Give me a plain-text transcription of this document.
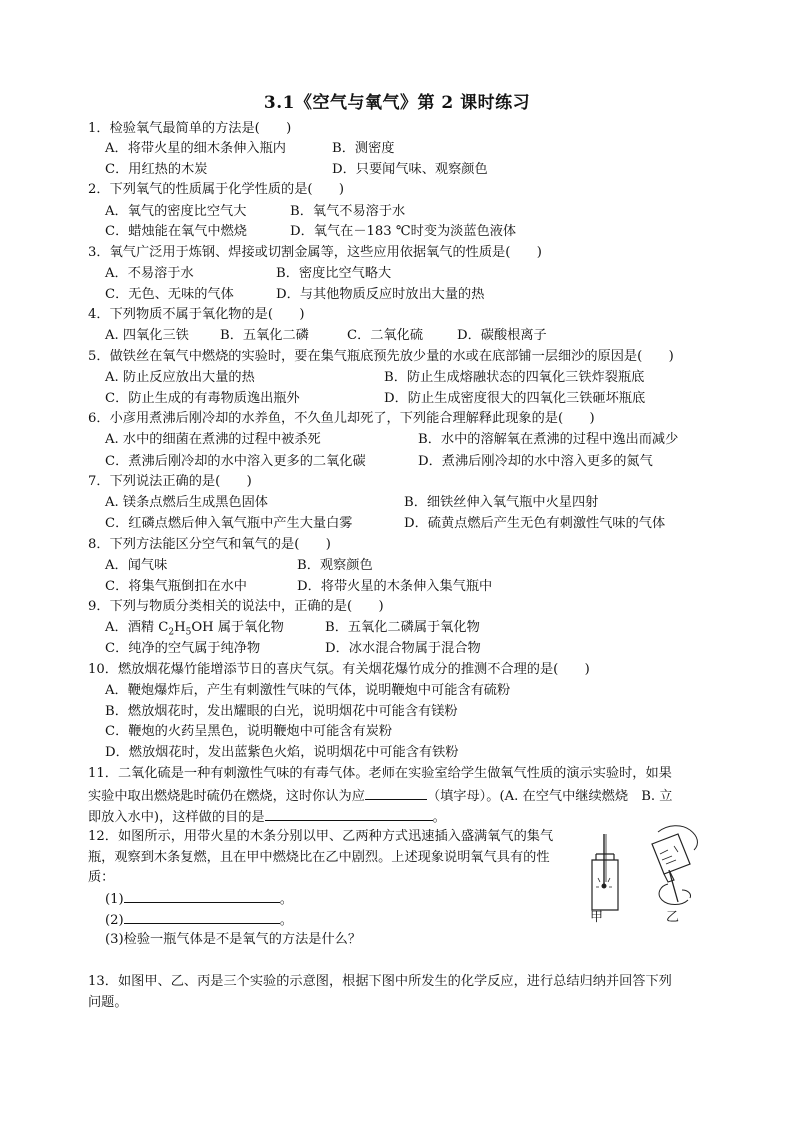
3.1《空气与氧气》第 2 课时练习
1．检验氧气最简单的方法是(　　)
A．将带火星的细木条伸入瓶内	B．测密度
C．用红热的木炭	D．只要闻气味、观察颜色
2．下列氧气的性质属于化学性质的是(　　)
A．氧气的密度比空气大	B．氧气不易溶于水
C．蜡烛能在氧气中燃烧	D．氧气在－183 ℃时变为淡蓝色液体
3．氧气广泛用于炼钢、焊接或切割金属等，这些应用依据氧气的性质是(　　)
A．不易溶于水	B．密度比空气略大
C．无色、无味的气体	D．与其他物质反应时放出大量的热
4．下列物质不属于氧化物的是(　　)
A. 四氧化三铁 B．五氧化二磷	C．二氧化硫	D．碳酸根离子
5．做铁丝在氧气中燃烧的实验时，要在集气瓶底预先放少量的水或在底部铺一层细沙的原因是(　　)
A. 防止反应放出大量的热	B．防止生成熔融状态的四氧化三铁炸裂瓶底
C．防止生成的有毒物质逸出瓶外	D．防止生成密度很大的四氧化三铁砸坏瓶底
6．小彦用煮沸后刚冷却的水养鱼，不久鱼儿却死了，下列能合理解释此现象的是(　　)
A. 水中的细菌在煮沸的过程中被杀死	B．水中的溶解氧在煮沸的过程中逸出而减少
C．煮沸后刚冷却的水中溶入更多的二氧化碳	D．煮沸后刚冷却的水中溶入更多的氮气
7．下列说法正确的是(　　)
A. 镁条点燃后生成黑色固体	B．细铁丝伸入氧气瓶中火星四射
C．红磷点燃后伸入氧气瓶中产生大量白雾	D．硫黄点燃后产生无色有刺激性气味的气体
8．下列方法能区分空气和氧气的是(　　)
A．闻气味	B．观察颜色
C．将集气瓶倒扣在水中	D．将带火星的木条伸入集气瓶中
9．下列与物质分类相关的说法中，正确的是(　　)
A．酒精 $C_2H_5OH$ 属于氧化物	B．五氧化二磷属于氧化物
C．纯净的空气属于纯净物	D．冰水混合物属于混合物
10．燃放烟花爆竹能增添节日的喜庆气氛。有关烟花爆竹成分的推测不合理的是(　　)
A．鞭炮爆炸后，产生有刺激性气味的气体，说明鞭炮中可能含有硫粉
B．燃放烟花时，发出耀眼的白光，说明烟花中可能含有镁粉
C．鞭炮的火药呈黑色，说明鞭炮中可能含有炭粉
D．燃放烟花时，发出蓝紫色火焰，说明烟花中可能含有铁粉
11．二氧化硫是一种有刺激性气味的有毒气体。老师在实验室给学生做氧气性质的演示实验时，如果
实验中取出燃烧匙时硫仍在燃烧，这时你认为应	（填字母）。(A. 在空气中继续燃烧　B. 立
即放入水中)，这样做的目的是	。
12．如图所示，用带火星的木条分别以甲、乙两种方式迅速插入盛满氧气的集气
瓶，观察到木条复燃，且在甲中燃烧比在乙中剧烈。上述现象说明氧气具有的性
质：
(1)	。
(2)	。
(3)检验一瓶气体是不是氧气的方法是什么？
甲	乙
13．如图甲、乙、丙是三个实验的示意图，根据下图中所发生的化学反应，进行总结归纳并回答下列
问题。
